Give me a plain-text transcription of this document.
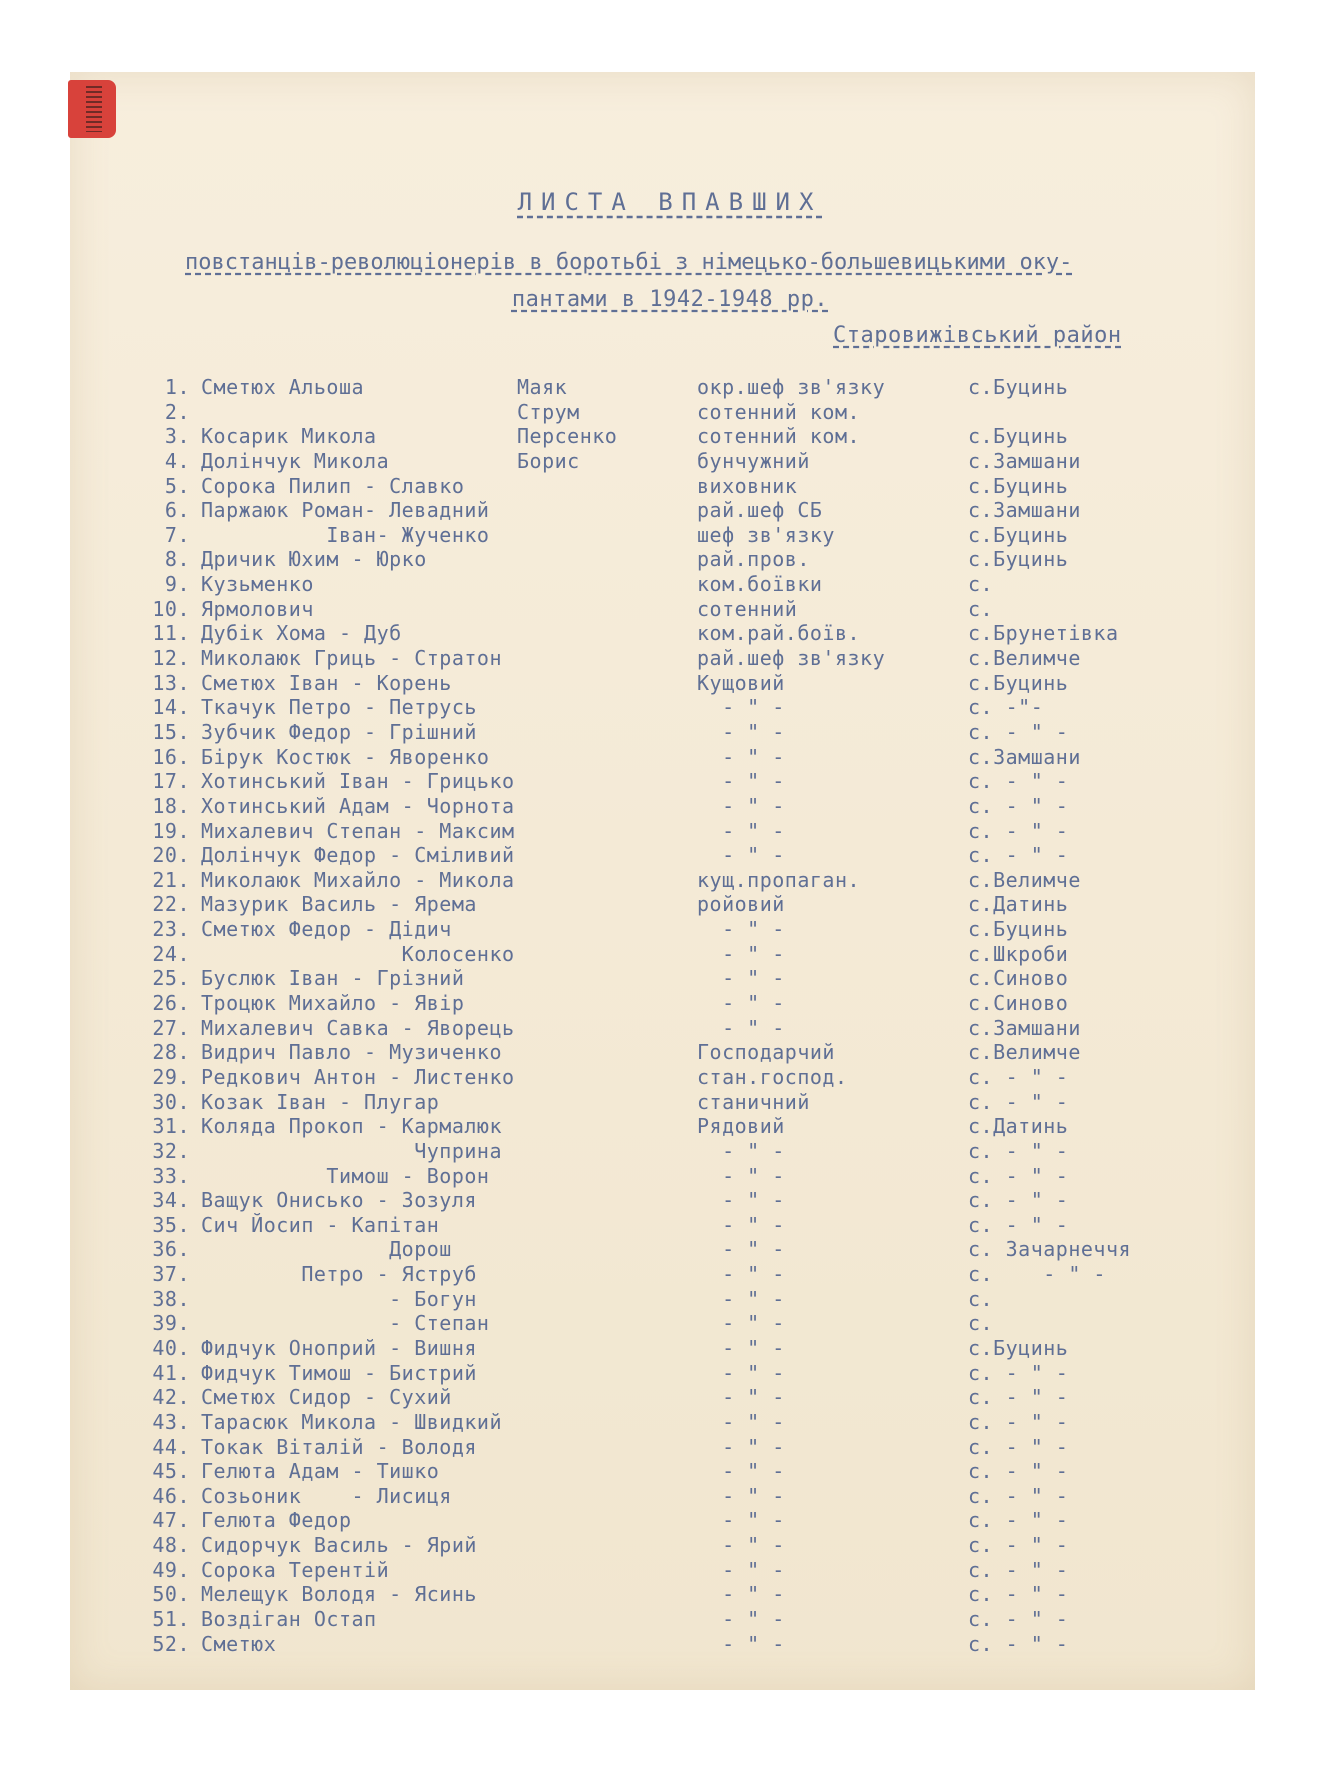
ЛИСТА ВПАВШИХ
повстанців-революціонерів в боротьбі з німецько-большевицькими оку-
пантами в 1942-1948 рр.
Старовижівський район
1. Сметюх Альоша	Маяк	окр.шеф зв'язку	с.Буцинь
2.	Струм	сотенний ком.
3. Косарик Микола	Персенко	сотенний ком.	с.Буцинь
4. Долінчук Микола	Борис	бунчужний	с.Замшани
5. Сорока Пилип - Славко	виховник	с.Буцинь
6. Паржаюк Роман- Левадний	рай.шеф СБ	с.Замшани
7. Іван- Жученко	шеф зв'язку	с.Буцинь
8. Дричик Юхим - Юрко	рай.пров.	с.Буцинь
9. Кузьменко	ком.боївки	с.
10. Ярмолович	сотенний	с.
11. Дубік Хома - Дуб	ком.рай.боїв.	с.Брунетівка
12. Миколаюк Гриць - Стратон	рай.шеф зв'язку	с.Велимче
13. Сметюх Іван - Корень	Кущовий	с.Буцинь
14. Ткачук Петро - Петрусь	- " -	с. -"-
15. Зубчик Федор - Грішний	- " -	с. - " -
16. Бірук Костюк - Яворенко	- " -	с.Замшани
17. Хотинський Іван - Грицько	- " -	с. - " -
18. Хотинський Адам - Чорнота	- " -	с. - " -
19. Михалевич Степан - Максим	- " -	с. - " -
20. Долінчук Федор - Сміливий	- " -	с. - " -
21. Миколаюк Михайло - Микола	кущ.пропаган.	с.Велимче
22. Мазурик Василь - Ярема	ройовий	с.Датинь
23. Сметюх Федор - Дідич	- " -	с.Буцинь
24. Колосенко	- " -	с.Шкроби
25. Буслюк Іван - Грізний	- " -	с.Синово
26. Троцюк Михайло - Явір	- " -	с.Синово
27. Михалевич Савка - Яворець	- " -	с.Замшани
28. Видрич Павло - Музиченко	Господарчий	с.Велимче
29. Редкович Антон - Листенко	стан.господ.	с. - " -
30. Козак Іван - Плугар	станичний	с. - " -
31. Коляда Прокоп - Кармалюк	Рядовий	с.Датинь
32. Чуприна	- " -	с. - " -
33. Тимош - Ворон	- " -	с. - " -
34. Ващук Онисько - Зозуля	- " -	с. - " -
35. Сич Йосип - Капітан	- " -	с. - " -
36. Дорош	- " -	с. Зачарнеччя
37. Петро - Яструб	- " -	с.    - " -
38. - Богун	- " -	с.
39. - Степан	- " -	с.
40. Фидчук Оноприй - Вишня	- " -	с.Буцинь
41. Фидчук Тимош - Бистрий	- " -	с. - " -
42. Сметюх Сидор - Сухий	- " -	с. - " -
43. Тарасюк Микола - Швидкий	- " -	с. - " -
44. Токак Віталій - Володя	- " -	с. - " -
45. Гелюта Адам - Тишко	- " -	с. - " -
46. Созьоник    - Лисиця	- " -	с. - " -
47. Гелюта Федор	- " -	с. - " -
48. Сидорчук Василь - Ярий	- " -	с. - " -
49. Сорока Терентій	- " -	с. - " -
50. Мелещук Володя - Ясинь	- " -	с. - " -
51. Воздіган Остап	- " -	с. - " -
52. Сметюх	- " -	с. - " -
